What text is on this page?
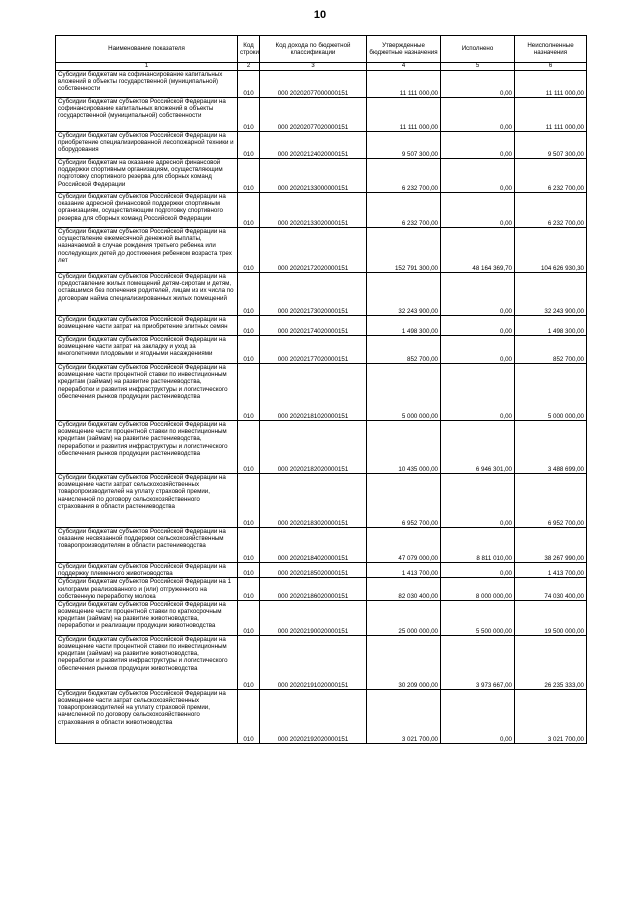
10
Наименование показателя	Код строки	Код дохода по бюджетной классификации	Утвержденные бюджетные назначения	Исполнено	Неисполненные назначения
1	2	3	4	5	6
Субсидии бюджетам на софинансирование капитальных вложений в объекты государственной (муниципальной) собственности	010	000 20202077000000151	11 111 000,00	0,00	11 111 000,00
Субсидии бюджетам субъектов Российской Федерации на софинансирование капитальных вложений в объекты государственной (муниципальной) собственности	010	000 20202077020000151	11 111 000,00	0,00	11 111 000,00
Субсидии бюджетам субъектов Российской Федерации на приобретение специализированной лесопожарной техники и оборудования	010	000 20202124020000151	9 507 300,00	0,00	9 507 300,00
Субсидии бюджетам на оказание адресной финансовой поддержки спортивным организациям, осуществляющим подготовку спортивного резерва для сборных команд Российской Федерации	010	000 20202133000000151	6 232 700,00	0,00	6 232 700,00
Субсидии бюджетам субъектов Российской Федерации на оказание адресной финансовой поддержки спортивным организациям, осуществляющим подготовку спортивного резерва для сборных команд Российской Федерации	010	000 20202133020000151	6 232 700,00	0,00	6 232 700,00
Субсидии бюджетам субъектов Российской Федерации на осуществление ежемесячной денежной выплаты, назначаемой в случае рождения третьего ребенка или последующих детей до достижения ребенком возраста трех лет	010	000 20202172020000151	152 791 300,00	48 164 369,70	104 626 930,30
Субсидии бюджетам субъектов Российской Федерации на предоставление жилых помещений детям-сиротам и детям, оставшимся без попечения родителей, лицам из их числа по договорам найма специализированных жилых помещений	010	000 20202173020000151	32 243 900,00	0,00	32 243 900,00
Субсидии бюджетам субъектов Российской Федерации на возмещение части затрат на приобретение элитных семян	010	000 20202174020000151	1 498 300,00	0,00	1 498 300,00
Субсидии бюджетам субъектов Российской Федерации на возмещение части затрат на закладку и уход за многолетними плодовыми и ягодными насаждениями	010	000 20202177020000151	852 700,00	0,00	852 700,00
Субсидии бюджетам субъектов Российской Федерации на возмещение части процентной ставки по инвестиционным кредитам (займам) на развитие растениеводства, переработки и развития инфраструктуры и логистического обеспечения рынков продукции растениеводства	010	000 20202181020000151	5 000 000,00	0,00	5 000 000,00
Субсидии бюджетам субъектов Российской Федерации на возмещение части процентной ставки по инвестиционным кредитам (займам) на развитие растениеводства, переработки и развития инфраструктуры и логистического обеспечения рынков продукции растениеводства	010	000 20202182020000151	10 435 000,00	6 946 301,00	3 488 699,00
Субсидии бюджетам субъектов Российской Федерации на возмещение части затрат сельскохозяйственных товаропроизводителей на уплату страховой премии, начисленной по договору сельскохозяйственного страхования в области растениеводства	010	000 20202183020000151	6 952 700,00	0,00	6 952 700,00
Субсидии бюджетам субъектов Российской Федерации на оказание несвязанной поддержки сельскохозяйственным товаропроизводителям в области растениеводства	010	000 20202184020000151	47 079 000,00	8 811 010,00	38 267 990,00
Субсидии бюджетам субъектов Российской Федерации на поддержку племенного животноводства	010	000 20202185020000151	1 413 700,00	0,00	1 413 700,00
Субсидии бюджетам субъектов Российской Федерации на 1 килограмм реализованного и (или) отгруженного на собственную переработку молока	010	000 20202186020000151	82 030 400,00	8 000 000,00	74 030 400,00
Субсидии бюджетам субъектов Российской Федерации на возмещение части процентной ставки по краткосрочным кредитам (займам) на развитие животноводства, переработки и реализации продукции животноводства	010	000 20202190020000151	25 000 000,00	5 500 000,00	19 500 000,00
Субсидии бюджетам субъектов Российской Федерации на возмещение части процентной ставки по инвестиционным кредитам (займам) на развитие животноводства, переработки и развития инфраструктуры и логистического обеспечения рынков продукции животноводства	010	000 20202191020000151	30 209 000,00	3 973 667,00	26 235 333,00
Субсидии бюджетам субъектов Российской Федерации на возмещение части затрат сельскохозяйственных товаропроизводителей на уплату страховой премии, начисленной по договору сельскохозяйственного страхования в области животноводства	010	000 20202192020000151	3 021 700,00	0,00	3 021 700,00
